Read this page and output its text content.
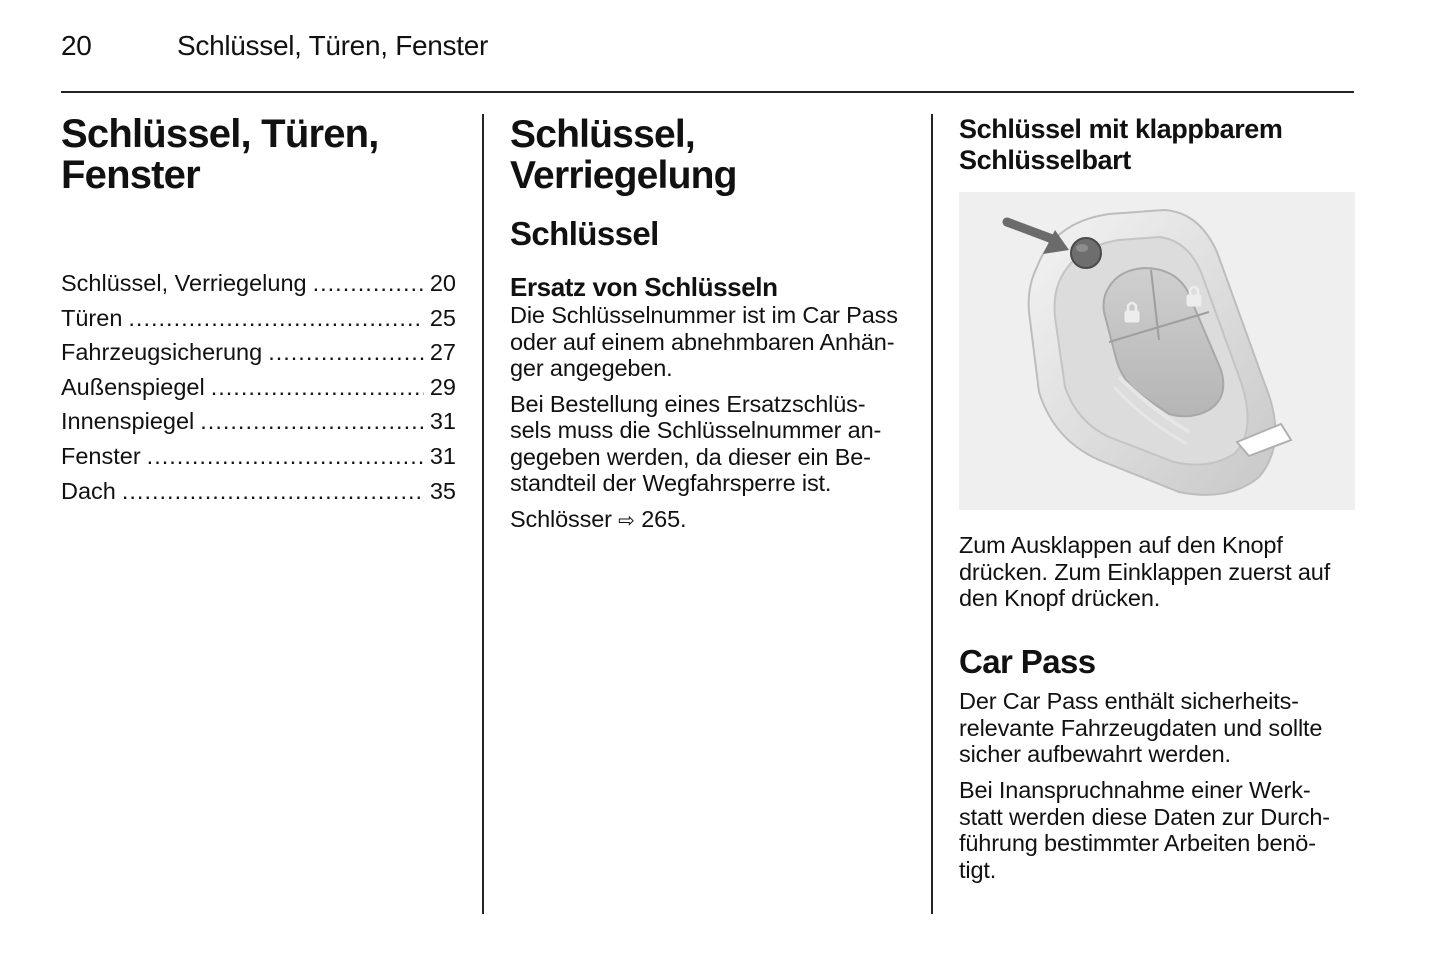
20	Schlüssel, Türen, Fenster
Schlüssel, Türen,
Fenster
Schlüssel, Verriegelung .....	20
Türen .....	25
Fahrzeugsicherung .....	27
Außenspiegel .....	29
Innenspiegel .....	31
Fenster .....	31
Dach .....	35
Schlüssel, Verriegelung
Schlüssel
Ersatz von Schlüsseln

Die Schlüsselnummer ist im Car Pass
oder auf einem abnehmbaren Anhän-
ger angegeben.

Bei Bestellung eines Ersatzschlüs-
sels muss die Schlüsselnummer an-
gegeben werden, da dieser ein Be-
standteil der Wegfahrsperre ist.

Schlösser ⇨ 265.

Schlüssel mit klappbarem
Schlüsselbart

Zum Ausklappen auf den Knopf
drücken. Zum Einklappen zuerst auf
den Knopf drücken.

Car Pass

Der Car Pass enthält sicherheits-
relevante Fahrzeugdaten und sollte
sicher aufbewahrt werden.

Bei Inanspruchnahme einer Werk-
statt werden diese Daten zur Durch-
führung bestimmter Arbeiten benö-
tigt.
